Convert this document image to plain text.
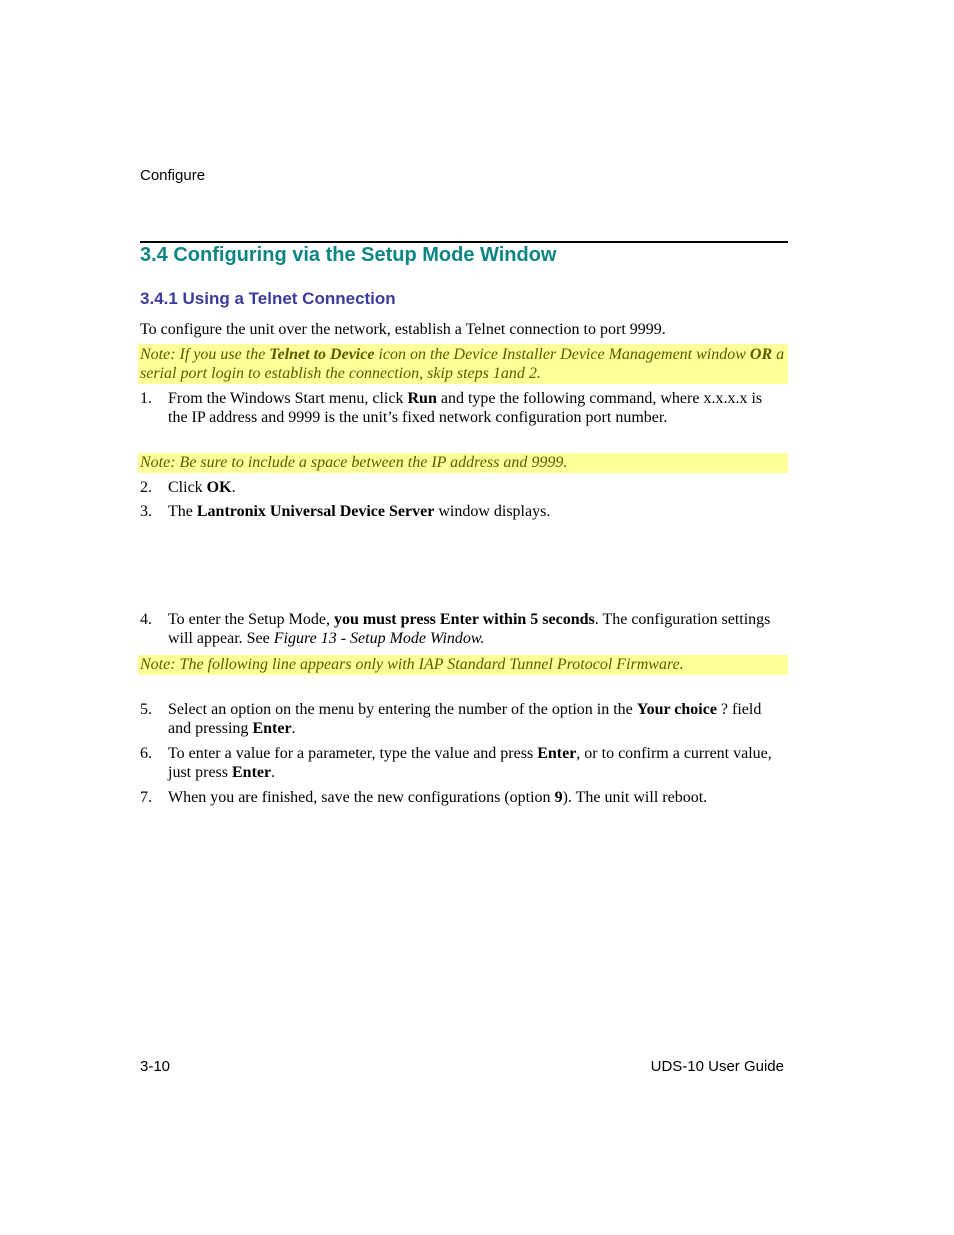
Configure
3.4 Configuring via the Setup Mode Window
3.4.1 Using a Telnet Connection
To configure the unit over the network, establish a Telnet connection to port 9999.
Note: If you use the Telnet to Device icon on the Device Installer Device Management window OR a serial port login to establish the connection, skip steps 1and 2.
1.	From the Windows Start menu, click Run and type the following command, where x.x.x.x is the IP address and 9999 is the unit’s fixed network configuration port number.
Note: Be sure to include a space between the IP address and 9999.
2.	Click OK.
3.	The Lantronix Universal Device Server window displays.
4.	To enter the Setup Mode, you must press Enter within 5 seconds. The configuration settings will appear. See Figure 13 - Setup Mode Window.
Note: The following line appears only with IAP Standard Tunnel Protocol Firmware.
5.	Select an option on the menu by entering the number of the option in the Your choice ? field and pressing Enter.
6.	To enter a value for a parameter, type the value and press Enter, or to confirm a current value, just press Enter.
7.	When you are finished, save the new configurations (option 9). The unit will reboot.
3-10	UDS-10 User Guide
